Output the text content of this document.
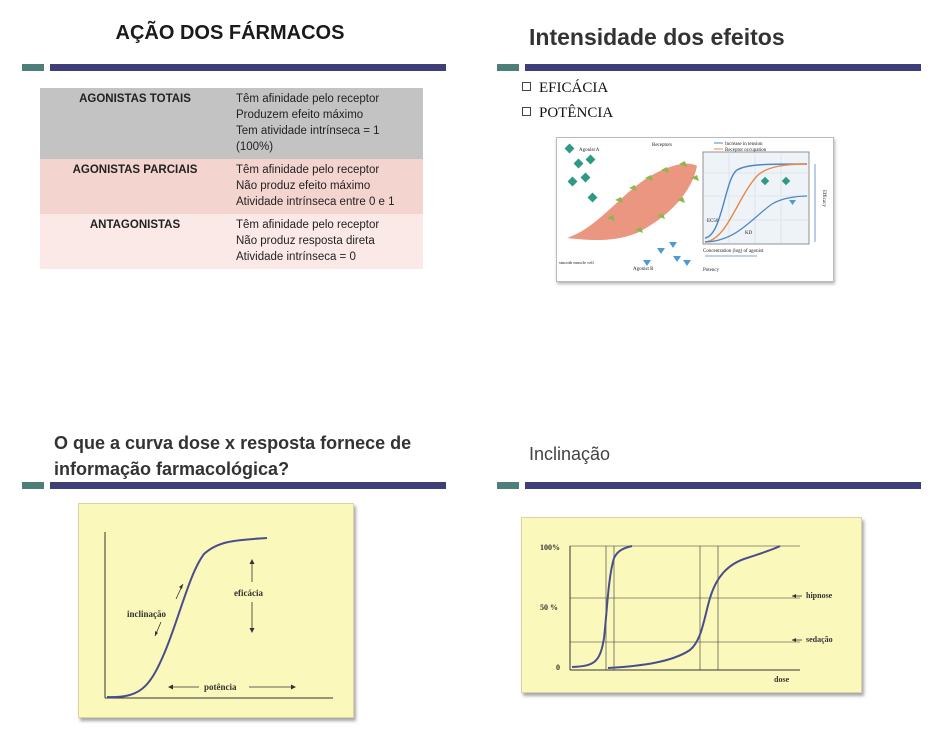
AÇÃO DOS FÁRMACOS
AGONISTAS TOTAIS	Têm afinidade pelo receptor
Produzem efeito máximo
Tem atividade intrínseca = 1
(100%)

AGONISTAS PARCIAIS	Têm afinidade pelo receptor
Não produz efeito máximo
Atividade intrínseca entre 0 e 1

ANTAGONISTAS	Têm afinidade pelo receptor
Não produz resposta direta
Atividade intrínseca = 0
Intensidade dos efeitos
EFICÁCIA
POTÊNCIA
Agonist A
Receptors
smooth muscle cell
Agonist B
Increase in tension
Receptor occupation
EC50
KD
Concentration (log) of agonist
Potency
Efficacy
O que a curva dose x resposta fornece de informação farmacológica?
inclinação
eficácia
potência
Inclinação
100%
50 %
0
dose
hipnose
sedação
